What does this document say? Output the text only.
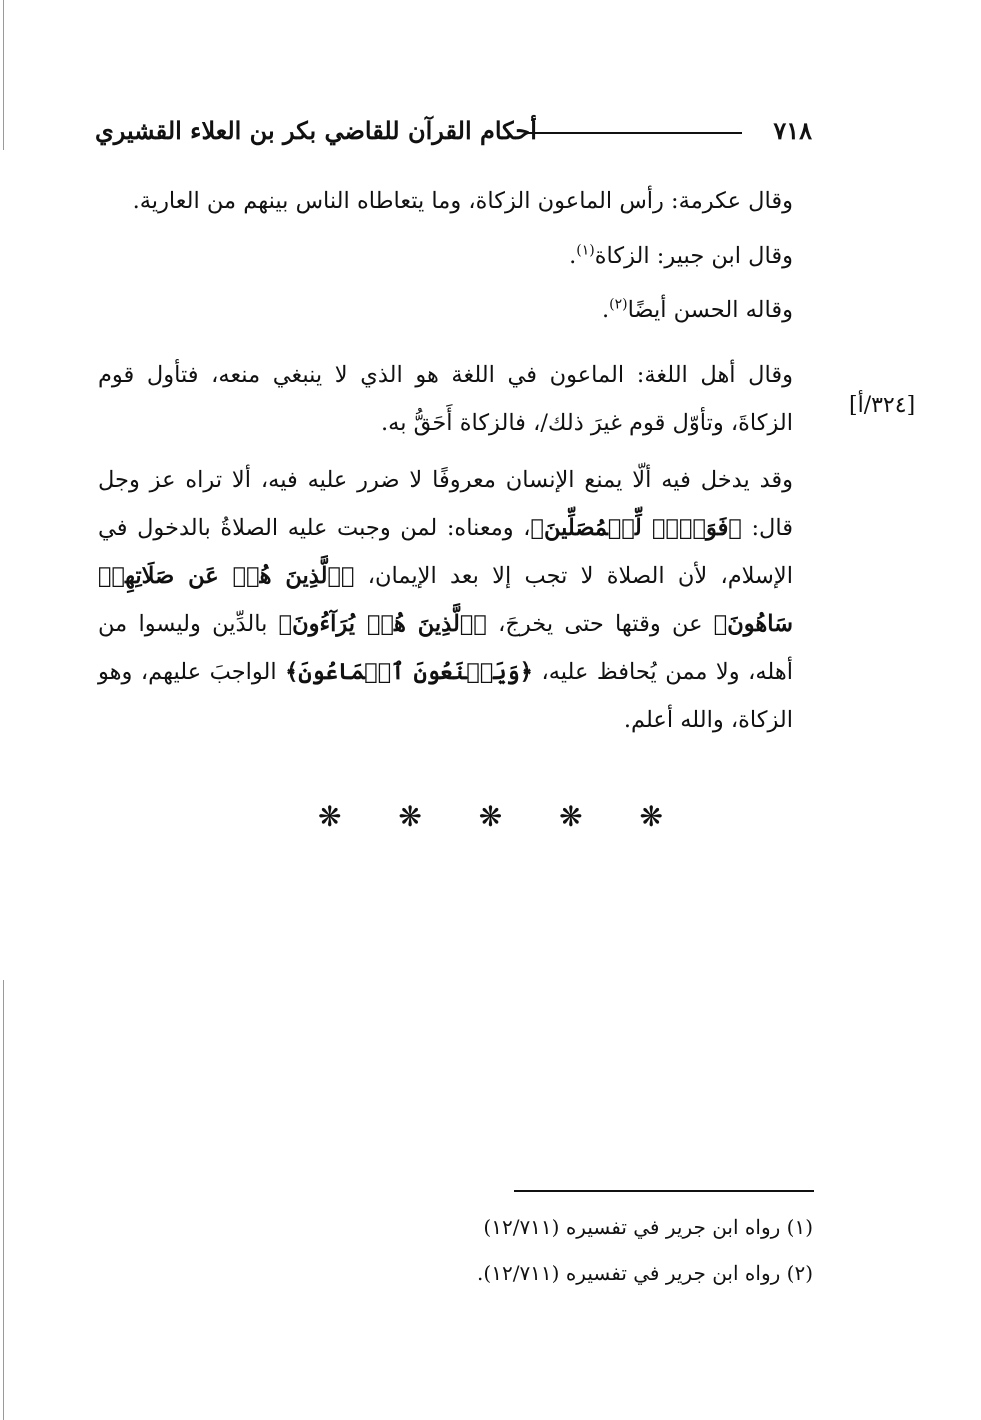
٧١٨
أحكام القرآن للقاضي بكر بن العلاء القشيري

وقال عكرمة: رأس الماعون الزكاة، وما يتعاطاه الناس بينهم من العارية.

وقال ابن جبير: الزكاة$^{(١)}$.

وقاله الحسن أيضًا$^{(٢)}$.

وقال أهل اللغة: الماعون في اللغة هو الذي لا ينبغي منعه، فتأول قوم الزكاةَ، وتأوّل قوم غيرَ ذلك/، فالزكاة أَحَقُّ به.

[٣٢٤/أ]

وقد يدخل فيه ألّا يمنع الإنسان معروفًا لا ضرر عليه فيه، ألا تراه عز وجل قال: ﴿فَوَيۡلٞ لِّلۡمُصَلِّينَ﴾، ومعناه: لمن وجبت عليه الصلاةُ بالدخول في الإسلام، لأن الصلاة لا تجب إلا بعد الإيمان، ﴿ٱلَّذِينَ هُمۡ عَن صَلَاتِهِمۡ سَاهُونَ﴾ عن وقتها حتى يخرجَ، ﴿ٱلَّذِينَ هُمۡ يُرَآءُونَ﴾ بالدِّين وليسوا من أهله، ولا ممن يُحافظ عليه، ﴿وَيَمۡنَعُونَ ٱلۡمَاعُونَ﴾ الواجبَ عليهم، وهو الزكاة، والله أعلم.

❋ ❋ ❋ ❋ ❋

(١) رواه ابن جرير في تفسيره (١٢/٧١١)

(٢) رواه ابن جرير في تفسيره (١٢/٧١١).
